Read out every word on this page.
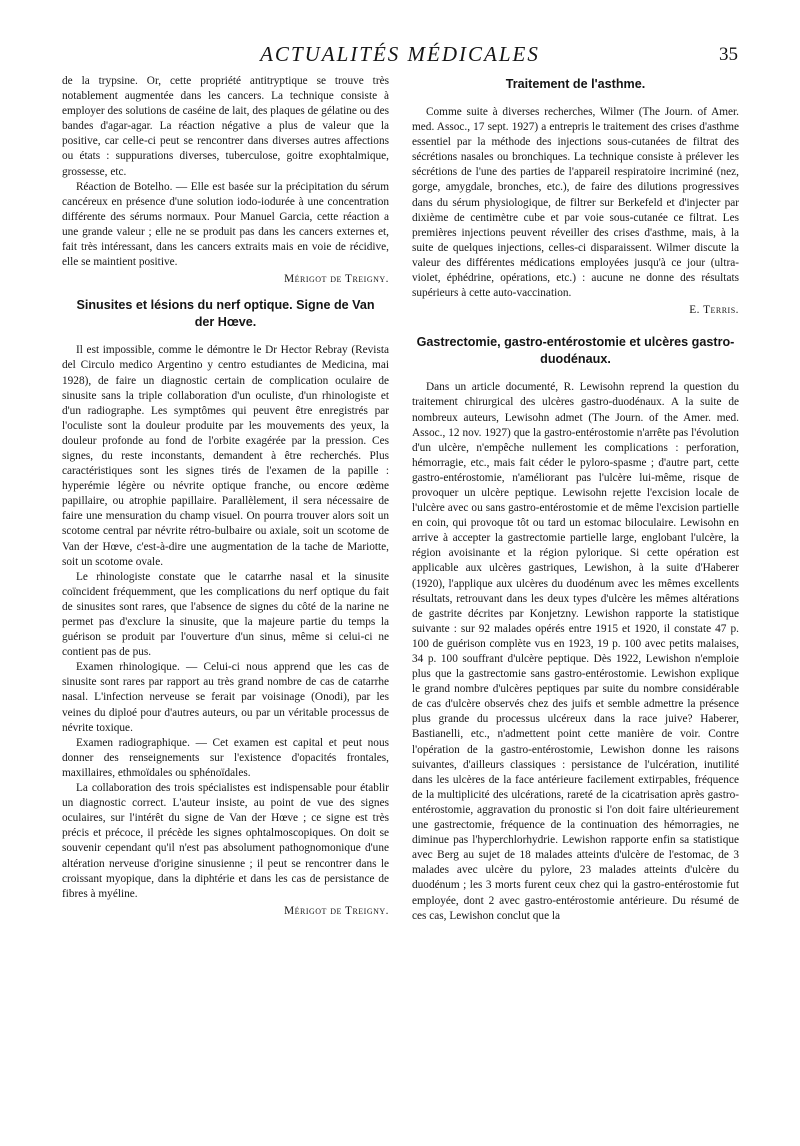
ACTUALITÉS MÉDICALES	35

de la trypsine. Or, cette propriété antitryptique se trouve très notablement augmentée dans les cancers. La technique consiste à employer des solutions de caséine de lait, des plaques de gélatine ou des bandes d'agar-agar. La réaction négative a plus de valeur que la positive, car celle-ci peut se rencontrer dans diverses autres affections ou états : suppurations diverses, tuberculose, goitre exophtalmique, grossesse, etc.

Réaction de Botelho. — Elle est basée sur la précipitation du sérum cancéreux en présence d'une solution iodo-iodurée à une concentration différente des sérums normaux. Pour Manuel Garcia, cette réaction a une grande valeur ; elle ne se produit pas dans les cancers externes et, fait très intéressant, dans les cancers extraits mais en voie de récidive, elle se maintient positive.

Mérigot de Treigny.

Sinusites et lésions du nerf optique. Signe de Van der Hœve.

Il est impossible, comme le démontre le Dr Hector Rebray (Revista del Circulo medico Argentino y centro estudiantes de Medicina, mai 1928), de faire un diagnostic certain de complication oculaire de sinusite sans la triple collaboration d'un oculiste, d'un rhinologiste et d'un radiographe. Les symptômes qui peuvent être enregistrés par l'oculiste sont la douleur produite par les mouvements des yeux, la douleur profonde au fond de l'orbite exagérée par la pression. Ces signes, du reste inconstants, demandent à être recherchés. Plus caractéristiques sont les signes tirés de l'examen de la papille : hyperémie légère ou névrite optique franche, ou encore œdème papillaire, ou atrophie papillaire. Parallèlement, il sera nécessaire de faire une mensuration du champ visuel. On pourra trouver alors soit un scotome central par névrite rétro-bulbaire ou axiale, soit un scotome de Van der Hœve, c'est-à-dire une augmentation de la tache de Mariotte, soit un scotome ovale.

Le rhinologiste constate que le catarrhe nasal et la sinusite coïncident fréquemment, que les complications du nerf optique du fait de sinusites sont rares, que l'absence de signes du côté de la narine ne permet pas d'exclure la sinusite, que la majeure partie du temps la guérison se produit par l'ouverture d'un sinus, même si celui-ci ne contient pas de pus.

Examen rhinologique. — Celui-ci nous apprend que les cas de sinusite sont rares par rapport au très grand nombre de cas de catarrhe nasal. L'infection nerveuse se ferait par voisinage (Onodi), par les veines du diploé pour d'autres auteurs, ou par un véritable processus de névrite toxique.

Examen radiographique. — Cet examen est capital et peut nous donner des renseignements sur l'existence d'opacités frontales, maxillaires, ethmoïdales ou sphénoïdales.

La collaboration des trois spécialistes est indispensable pour établir un diagnostic correct. L'auteur insiste, au point de vue des signes oculaires, sur l'intérêt du signe de Van der Hœve ; ce signe est très précis et précoce, il précède les signes ophtalmoscopiques. On doit se souvenir cependant qu'il n'est pas absolument pathognomonique d'une altération nerveuse d'origine sinusienne ; il peut se rencontrer dans le croissant myopique, dans la diphtérie et dans les cas de persistance de fibres à myéline.

Mérigot de Treigny.

Traitement de l'asthme.

Comme suite à diverses recherches, Wilmer (The Journ. of Amer. med. Assoc., 17 sept. 1927) a entrepris le traitement des crises d'asthme essentiel par la méthode des injections sous-cutanées de filtrat des sécrétions nasales ou bronchiques. La technique consiste à prélever les sécrétions de l'une des parties de l'appareil respiratoire incriminé (nez, gorge, amygdale, bronches, etc.), de faire des dilutions progressives dans du sérum physiologique, de filtrer sur Berkefeld et d'injecter par dixième de centimètre cube et par voie sous-cutanée ce filtrat. Les premières injections peuvent réveiller des crises d'asthme, mais, à la suite de quelques injections, celles-ci disparaissent. Wilmer discute la valeur des différentes médications employées jusqu'à ce jour (ultra-violet, éphédrine, opérations, etc.) : aucune ne donne des résultats supérieurs à cette auto-vaccination.

E. Terris.

Gastrectomie, gastro-entérostomie et ulcères gastro-duodénaux.

Dans un article documenté, R. Lewisohn reprend la question du traitement chirurgical des ulcères gastro-duodénaux. A la suite de nombreux auteurs, Lewisohn admet (The Journ. of the Amer. med. Assoc., 12 nov. 1927) que la gastro-entérostomie n'arrête pas l'évolution d'un ulcère, n'empêche nullement les complications : perforation, hémorragie, etc., mais fait céder le pyloro-spasme ; d'autre part, cette gastro-entérostomie, n'améliorant pas l'ulcère lui-même, risque de provoquer un ulcère peptique. Lewisohn rejette l'excision locale de l'ulcère avec ou sans gastro-entérostomie et de même l'excision partielle en coin, qui provoque tôt ou tard un estomac biloculaire. Lewisohn en arrive à accepter la gastrectomie partielle large, englobant l'ulcère, la région avoisinante et la région pylorique. Si cette opération est applicable aux ulcères gastriques, Lewishon, à la suite d'Haberer (1920), l'applique aux ulcères du duodénum avec les mêmes excellents résultats, retrouvant dans les deux types d'ulcère les mêmes altérations de gastrite décrites par Konjetzny. Lewishon rapporte la statistique suivante : sur 92 malades opérés entre 1915 et 1920, il constate 47 p. 100 de guérison complète vus en 1923, 19 p. 100 avec petits malaises, 34 p. 100 souffrant d'ulcère peptique. Dès 1922, Lewishon n'emploie plus que la gastrectomie sans gastro-entérostomie. Lewishon explique le grand nombre d'ulcères peptiques par suite du nombre considérable de cas d'ulcère observés chez des juifs et semble admettre la présence plus grande du processus ulcéreux dans la race juive? Haberer, Bastianelli, etc., n'admettent point cette manière de voir. Contre l'opération de la gastro-entérostomie, Lewishon donne les raisons suivantes, d'ailleurs classiques : persistance de l'ulcération, inutilité dans les ulcères de la face antérieure facilement extirpables, fréquence de la multiplicité des ulcérations, rareté de la cicatrisation après gastro-entérostomie, aggravation du pronostic si l'on doit faire ultérieurement une gastrectomie, fréquence de la continuation des hémorragies, ne diminue pas l'hyperchlorhydrie. Lewishon rapporte enfin sa statistique avec Berg au sujet de 18 malades atteints d'ulcère de l'estomac, de 3 malades avec ulcère du pylore, 23 malades atteints d'ulcère du duodénum ; les 3 morts furent ceux chez qui la gastro-entérostomie fut employée, dont 2 avec gastro-entérostomie antérieure. Du résumé de ces cas, Lewishon conclut que la
